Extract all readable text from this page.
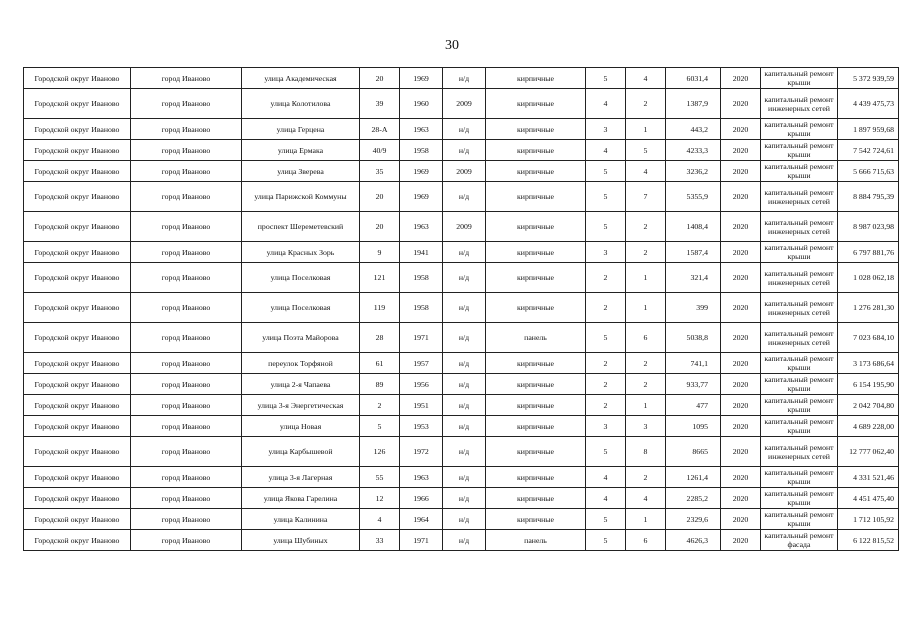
30
Городской округ Иваново	город Иваново	улица Академическая	20	1969	н/д	кирпичные	5	4	6031,4	2020	капитальный ремонт крыши	5 372 939,59
Городской округ Иваново	город Иваново	улица Колотилова	39	1960	2009	кирпичные	4	2	1387,9	2020	капитальный ремонт инженерных сетей	4 439 475,73
Городской округ Иваново	город Иваново	улица Герцена	28-А	1963	н/д	кирпичные	3	1	443,2	2020	капитальный ремонт крыши	1 897 959,68
Городской округ Иваново	город Иваново	улица Ермака	40/9	1958	н/д	кирпичные	4	5	4233,3	2020	капитальный ремонт крыши	7 542 724,61
Городской округ Иваново	город Иваново	улица Зверева	35	1969	2009	кирпичные	5	4	3236,2	2020	капитальный ремонт крыши	5 666 715,63
Городской округ Иваново	город Иваново	улица Парижской Коммуны	20	1969	н/д	кирпичные	5	7	5355,9	2020	капитальный ремонт инженерных сетей	8 884 795,39
Городской округ Иваново	город Иваново	проспект Шереметевский	20	1963	2009	кирпичные	5	2	1408,4	2020	капитальный ремонт инженерных сетей	8 987 023,98
Городской округ Иваново	город Иваново	улица Красных Зорь	9	1941	н/д	кирпичные	3	2	1587,4	2020	капитальный ремонт крыши	6 797 881,76
Городской округ Иваново	город Иваново	улица Поселковая	121	1958	н/д	кирпичные	2	1	321,4	2020	капитальный ремонт инженерных сетей	1 028 062,18
Городской округ Иваново	город Иваново	улица Поселковая	119	1958	н/д	кирпичные	2	1	399	2020	капитальный ремонт инженерных сетей	1 276 281,30
Городской округ Иваново	город Иваново	улица Поэта Майорова	28	1971	н/д	панель	5	6	5038,8	2020	капитальный ремонт инженерных сетей	7 023 684,10
Городской округ Иваново	город Иваново	переулок Торфяной	61	1957	н/д	кирпичные	2	2	741,1	2020	капитальный ремонт крыши	3 173 686,64
Городской округ Иваново	город Иваново	улица 2-я Чапаева	89	1956	н/д	кирпичные	2	2	933,77	2020	капитальный ремонт крыши	6 154 195,90
Городской округ Иваново	город Иваново	улица 3-я Энергетическая	2	1951	н/д	кирпичные	2	1	477	2020	капитальный ремонт крыши	2 042 704,80
Городской округ Иваново	город Иваново	улица Новая	5	1953	н/д	кирпичные	3	3	1095	2020	капитальный ремонт крыши	4 689 228,00
Городской округ Иваново	город Иваново	улица Карбышевой	126	1972	н/д	кирпичные	5	8	8665	2020	капитальный ремонт инженерных сетей	12 777 062,40
Городской округ Иваново	город Иваново	улица 3-я Лагерная	55	1963	н/д	кирпичные	4	2	1261,4	2020	капитальный ремонт крыши	4 331 521,46
Городской округ Иваново	город Иваново	улица Якова Гарелина	12	1966	н/д	кирпичные	4	4	2285,2	2020	капитальный ремонт крыши	4 451 475,40
Городской округ Иваново	город Иваново	улица Калинина	4	1964	н/д	кирпичные	5	1	2329,6	2020	капитальный ремонт крыши	1 712 105,92
Городской округ Иваново	город Иваново	улица Шубиных	33	1971	н/д	панель	5	6	4626,3	2020	капитальный ремонт фасада	6 122 815,52
